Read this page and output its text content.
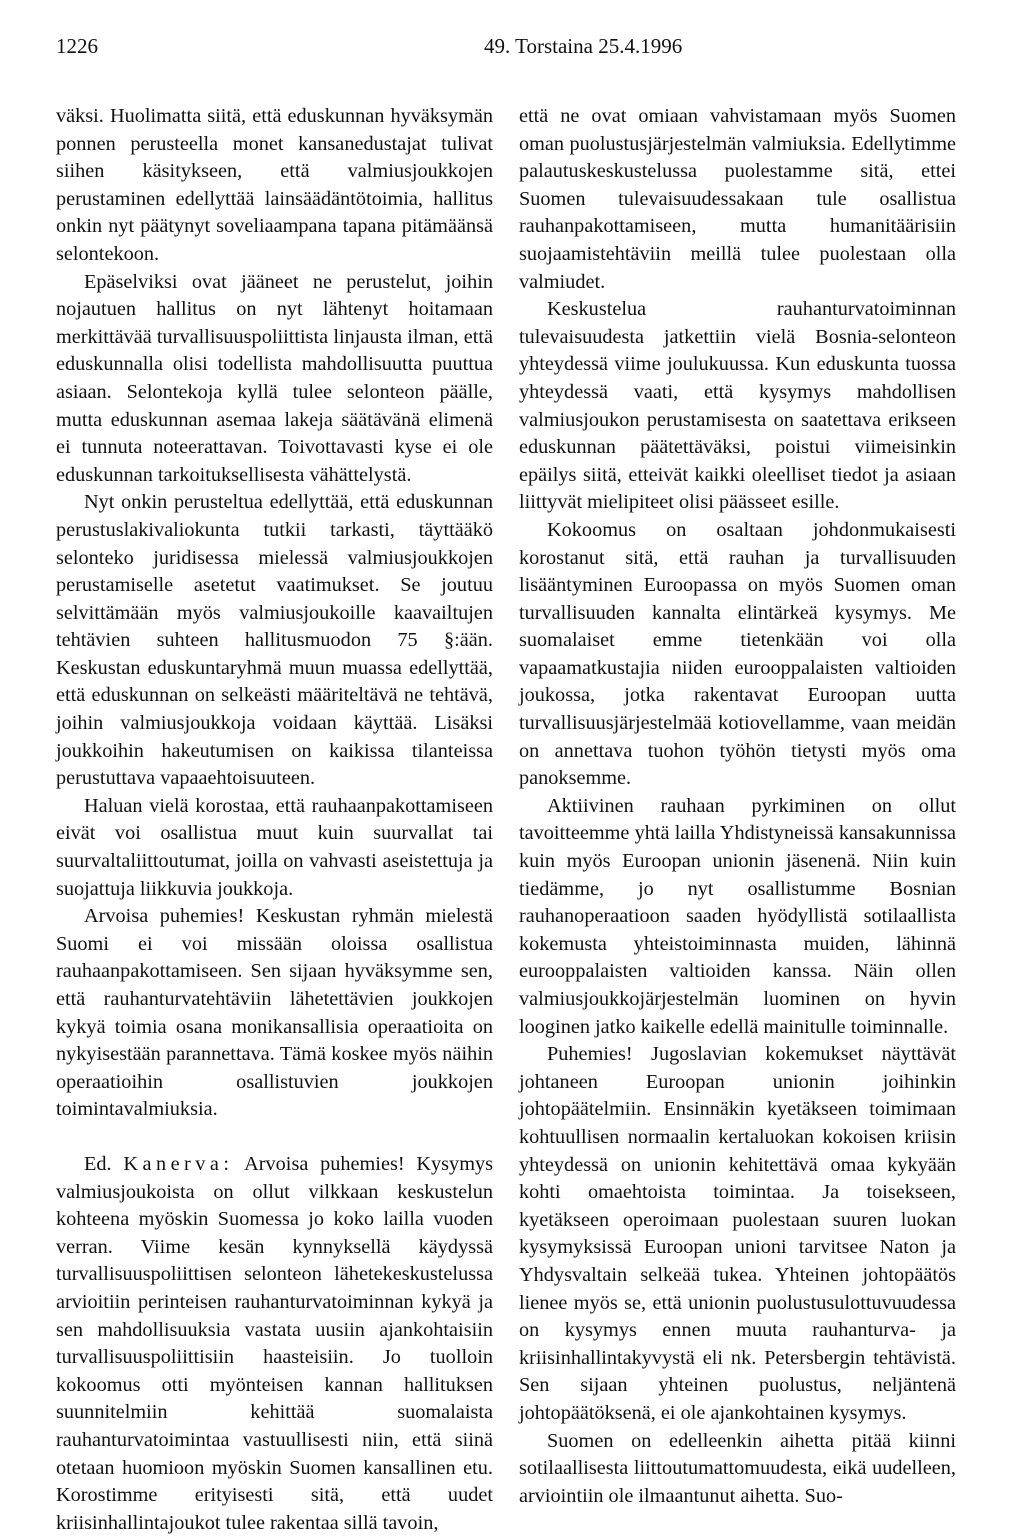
1226	49. Torstaina 25.4.1996

väksi. Huolimatta siitä, että eduskunnan hyväksymän ponnen perusteella monet kansanedustajat tulivat siihen käsitykseen, että valmiusjoukkojen perustaminen edellyttää lainsäädäntötoimia, hallitus onkin nyt päätynyt soveliaampana tapana pitämäänsä selontekoon.

Epäselviksi ovat jääneet ne perustelut, joihin nojautuen hallitus on nyt lähtenyt hoitamaan merkittävää turvallisuuspoliittista linjausta ilman, että eduskunnalla olisi todellista mahdollisuutta puuttua asiaan. Selontekoja kyllä tulee selonteon päälle, mutta eduskunnan asemaa lakeja säätävänä elimenä ei tunnuta noteerattavan. Toivottavasti kyse ei ole eduskunnan tarkoituksellisesta vähättelystä.

Nyt onkin perusteltua edellyttää, että eduskunnan perustuslakivaliokunta tutkii tarkasti, täyttääkö selonteko juridisessa mielessä valmiusjoukkojen perustamiselle asetetut vaatimukset. Se joutuu selvittämään myös valmiusjoukoille kaavailtujen tehtävien suhteen hallitusmuodon 75 §:ään. Keskustan eduskuntaryhmä muun muassa edellyttää, että eduskunnan on selkeästi määriteltävä ne tehtävä, joihin valmiusjoukkoja voidaan käyttää. Lisäksi joukkoihin hakeutumisen on kaikissa tilanteissa perustuttava vapaaehtoisuuteen.

Haluan vielä korostaa, että rauhaanpakottamiseen eivät voi osallistua muut kuin suurvallat tai suurvaltaliittoutumat, joilla on vahvasti aseistettuja ja suojattuja liikkuvia joukkoja.

Arvoisa puhemies! Keskustan ryhmän mielestä Suomi ei voi missään oloissa osallistua rauhaanpakottamiseen. Sen sijaan hyväksymme sen, että rauhanturvatehtäviin lähetettävien joukkojen kykyä toimia osana monikansallisia operaatioita on nykyisestään parannettava. Tämä koskee myös näihin operaatioihin osallistuvien joukkojen toimintavalmiuksia.

Ed. Kanerva: Arvoisa puhemies! Kysymys valmiusjoukoista on ollut vilkkaan keskustelun kohteena myöskin Suomessa jo koko lailla vuoden verran. Viime kesän kynnyksellä käydyssä turvallisuuspoliittisen selonteon lähetekeskustelussa arvioitiin perinteisen rauhanturvatoiminnan kykyä ja sen mahdollisuuksia vastata uusiin ajankohtaisiin turvallisuuspoliittisiin haasteisiin. Jo tuolloin kokoomus otti myönteisen kannan hallituksen suunnitelmiin kehittää suomalaista rauhanturvatoimintaa vastuullisesti niin, että siinä otetaan huomioon myöskin Suomen kansallinen etu. Korostimme erityisesti sitä, että uudet kriisinhallintajoukot tulee rakentaa sillä tavoin,

että ne ovat omiaan vahvistamaan myös Suomen oman puolustusjärjestelmän valmiuksia. Edellytimme palautuskeskustelussa puolestamme sitä, ettei Suomen tulevaisuudessakaan tule osallistua rauhanpakottamiseen, mutta humanitäärisiin suojaamistehtäviin meillä tulee puolestaan olla valmiudet.

Keskustelua rauhanturvatoiminnan tulevaisuudesta jatkettiin vielä Bosnia-selonteon yhteydessä viime joulukuussa. Kun eduskunta tuossa yhteydessä vaati, että kysymys mahdollisen valmiusjoukon perustamisesta on saatettava erikseen eduskunnan päätettäväksi, poistui viimeisinkin epäilys siitä, etteivät kaikki oleelliset tiedot ja asiaan liittyvät mielipiteet olisi päässeet esille.

Kokoomus on osaltaan johdonmukaisesti korostanut sitä, että rauhan ja turvallisuuden lisääntyminen Euroopassa on myös Suomen oman turvallisuuden kannalta elintärkeä kysymys. Me suomalaiset emme tietenkään voi olla vapaamatkustajia niiden eurooppalaisten valtioiden joukossa, jotka rakentavat Euroopan uutta turvallisuusjärjestelmää kotiovellamme, vaan meidän on annettava tuohon työhön tietysti myös oma panoksemme.

Aktiivinen rauhaan pyrkiminen on ollut tavoitteemme yhtä lailla Yhdistyneissä kansakunnissa kuin myös Euroopan unionin jäsenenä. Niin kuin tiedämme, jo nyt osallistumme Bosnian rauhanoperaatioon saaden hyödyllistä sotilaallista kokemusta yhteistoiminnasta muiden, lähinnä eurooppalaisten valtioiden kanssa. Näin ollen valmiusjoukkojärjestelmän luominen on hyvin looginen jatko kaikelle edellä mainitulle toiminnalle.

Puhemies! Jugoslavian kokemukset näyttävät johtaneen Euroopan unionin joihinkin johtopäätelmiin. Ensinnäkin kyetäkseen toimimaan kohtuullisen normaalin kertaluokan kokoisen kriisin yhteydessä on unionin kehitettävä omaa kykyään kohti omaehtoista toimintaa. Ja toisekseen, kyetäkseen operoimaan puolestaan suuren luokan kysymyksissä Euroopan unioni tarvitsee Naton ja Yhdysvaltain selkeää tukea. Yhteinen johtopäätös lienee myös se, että unionin puolustusulottuvuudessa on kysymys ennen muuta rauhanturva- ja kriisinhallintakyvystä eli nk. Petersbergin tehtävistä. Sen sijaan yhteinen puolustus, neljäntenä johtopäätöksenä, ei ole ajankohtainen kysymys.

Suomen on edelleenkin aihetta pitää kiinni sotilaallisesta liittoutumattomuudesta, eikä uudelleen, arviointiin ole ilmaantunut aihetta. Suo-
